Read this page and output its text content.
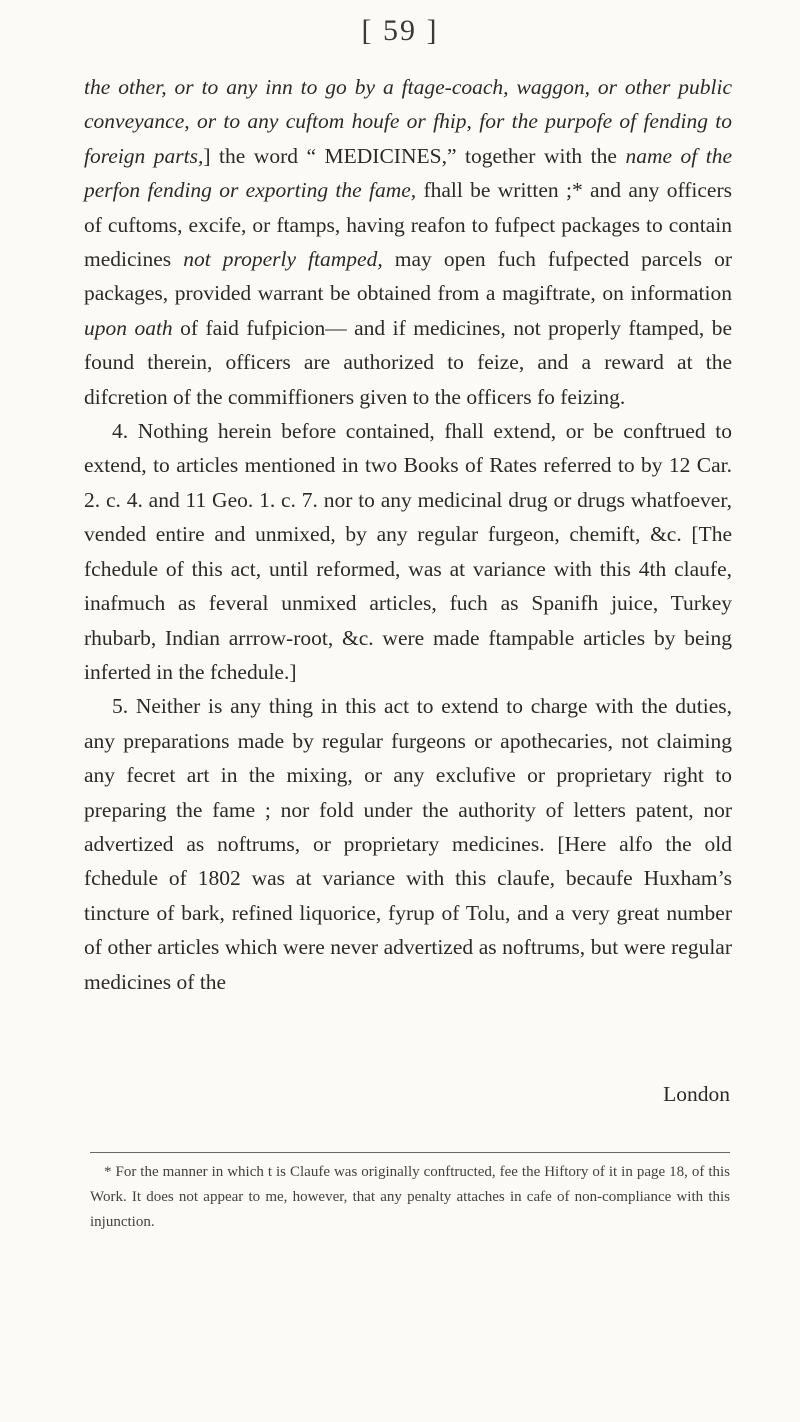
[ 59 ]

the other, or to any inn to go by a ftage-coach, waggon, or other public conveyance, or to any cuftom houfe or fhip, for the purpofe of fending to foreign parts,] the word “ MEDICINES,” together with the name of the perfon fending or exporting the fame, fhall be written ;* and any officers of cuftoms, excife, or ftamps, having reafon to fufpect packages to contain medicines not properly ftamped, may open fuch fufpected parcels or packages, provided warrant be obtained from a magiftrate, on information upon oath of faid fufpicion— and if medicines, not properly ftamped, be found therein, officers are authorized to feize, and a reward at the difcretion of the commiffioners given to the officers fo feizing.

4. Nothing herein before contained, fhall extend, or be conftrued to extend, to articles mentioned in two Books of Rates referred to by 12 Car. 2. c. 4. and 11 Geo. 1. c. 7. nor to any medicinal drug or drugs whatfoever, vended entire and unmixed, by any regular furgeon, chemift, &c. [The fchedule of this act, until reformed, was at variance with this 4th claufe, inafmuch as feveral unmixed articles, fuch as Spanifh juice, Turkey rhubarb, Indian arrrow-root, &c. were made ftampable articles by being inferted in the fchedule.]

5. Neither is any thing in this act to extend to charge with the duties, any preparations made by regular furgeons or apothecaries, not claiming any fecret art in the mixing, or any exclufive or proprietary right to preparing the fame ; nor fold under the authority of letters patent, nor advertized as noftrums, or proprietary medicines. [Here alfo the old fchedule of 1802 was at variance with this claufe, becaufe Huxham’s tincture of bark, refined liquorice, fyrup of Tolu, and a very great number of other articles which were never advertized as noftrums, but were regular medicines of the

London

* For the manner in which t is Claufe was originally conftructed, fee the Hiftory of it in page 18, of this Work. It does not appear to me, however, that any penalty attaches in cafe of non-compliance with this injunction.
